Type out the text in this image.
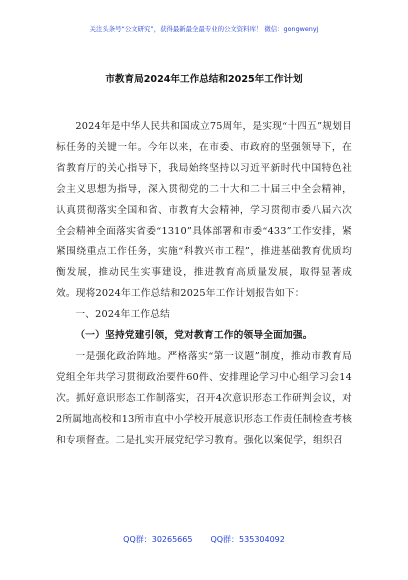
关注头条号“公文研究”，获得最新最全最专业的公文资料库！ 微信：gongwenyj
市教育局2024年工作总结和2025年工作计划

2024年是中华人民共和国成立75周年，是实现“十四五”规划目标任务的关键一年。今年以来，在市委、市政府的坚强领导下，在省教育厅的关心指导下，我局始终坚持以习近平新时代中国特色社会主义思想为指导，深入贯彻党的二十大和二十届三中全会精神，认真贯彻落实全国和省、市教育大会精神，学习贯彻市委八届六次全会精神全面落实省委“1310”具体部署和市委“433”工作安排，紧紧围绕重点工作任务，实施“科教兴市工程”，推进基础教育优质均衡发展，推动民生实事建设，推进教育高质量发展，取得显著成效。现将2024年工作总结和2025年工作计划报告如下：

一、2024年工作总结

（一）坚持党建引领，党对教育工作的领导全面加强。

一是强化政治阵地。严格落实“第一议题”制度，推动市教育局党组全年共学习贯彻政治要件60件、安排理论学习中心组学习会14次。抓好意识形态工作制落实，召开4次意识形态工作研判会议，对2所属地高校和13所市直中小学校开展意识形态工作责任制检查考核和专项督查。二是扎实开展党纪学习教育。强化以案促学，组织召

QQ群：30265665 QQ群：535304092
